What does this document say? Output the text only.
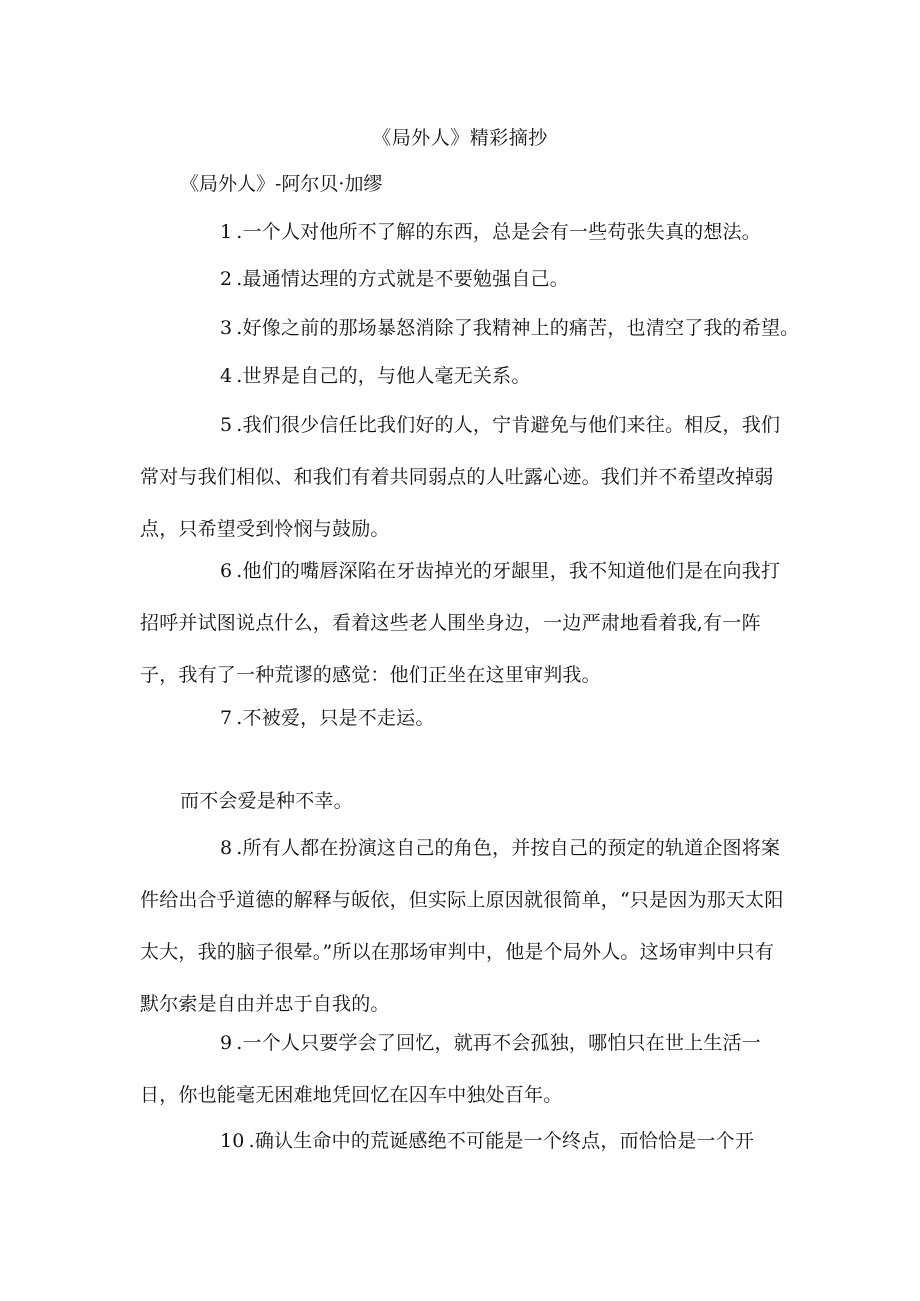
《局外人》精彩摘抄
《局外人》-阿尔贝·加缪

1 .一个人对他所不了解的东西，总是会有一些苟张失真的想法。

2 .最通情达理的方式就是不要勉强自己。

3 .好像之前的那场暴怒消除了我精神上的痛苦，也清空了我的希望。

4 .世界是自己的，与他人毫无关系。

5 .我们很少信任比我们好的人，宁肯避免与他们来往。相反，我们常对与我们相似、和我们有着共同弱点的人吐露心迹。我们并不希望改掉弱点，只希望受到怜悯与鼓励。

6 .他们的嘴唇深陷在牙齿掉光的牙龈里，我不知道他们是在向我打招呼并试图说点什么，看着这些老人围坐身边，一边严肃地看着我,有一阵子，我有了一种荒谬的感觉：他们正坐在这里审判我。

7 .不被爱，只是不走运。

而不会爱是种不幸。

8 .所有人都在扮演这自己的角色，并按自己的预定的轨道企图将案件给出合乎道德的解释与皈依，但实际上原因就很简单，“只是因为那天太阳太大，我的脑子很晕。”所以在那场审判中，他是个局外人。这场审判中只有默尔索是自由并忠于自我的。

9 .一个人只要学会了回忆，就再不会孤独，哪怕只在世上生活一日，你也能毫无困难地凭回忆在囚车中独处百年。

10 .确认生命中的荒诞感绝不可能是一个终点，而恰恰是一个开
